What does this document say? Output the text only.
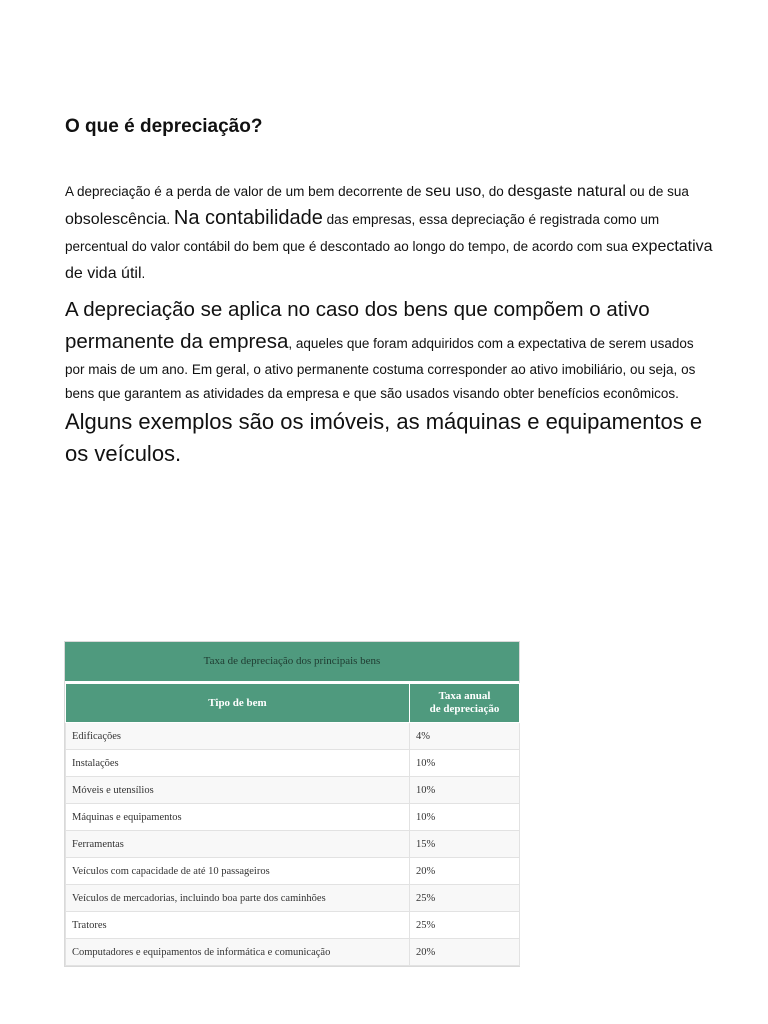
O que é depreciação?

A depreciação é a perda de valor de um bem decorrente de seu uso, do desgaste natural ou de sua obsolescência. Na contabilidade das empresas, essa depreciação é registrada como um percentual do valor contábil do bem que é descontado ao longo do tempo, de acordo com sua expectativa de vida útil.

A depreciação se aplica no caso dos bens que compõem o ativo permanente da empresa, aqueles que foram adquiridos com a expectativa de serem usados por mais de um ano. Em geral, o ativo permanente costuma corresponder ao ativo imobiliário, ou seja, os bens que garantem as atividades da empresa e que são usados visando obter benefícios econômicos. Alguns exemplos são os imóveis, as máquinas e equipamentos e os veículos.

Taxa de depreciação dos principais bens
Tipo de bem	Taxa anual
de depreciação
Edificações	4%
Instalações	10%
Móveis e utensílios	10%
Máquinas e equipamentos	10%
Ferramentas	15%
Veículos com capacidade de até 10 passageiros	20%
Veículos de mercadorias, incluindo boa parte dos caminhões	25%
Tratores	25%
Computadores e equipamentos de informática e comunicação	20%
